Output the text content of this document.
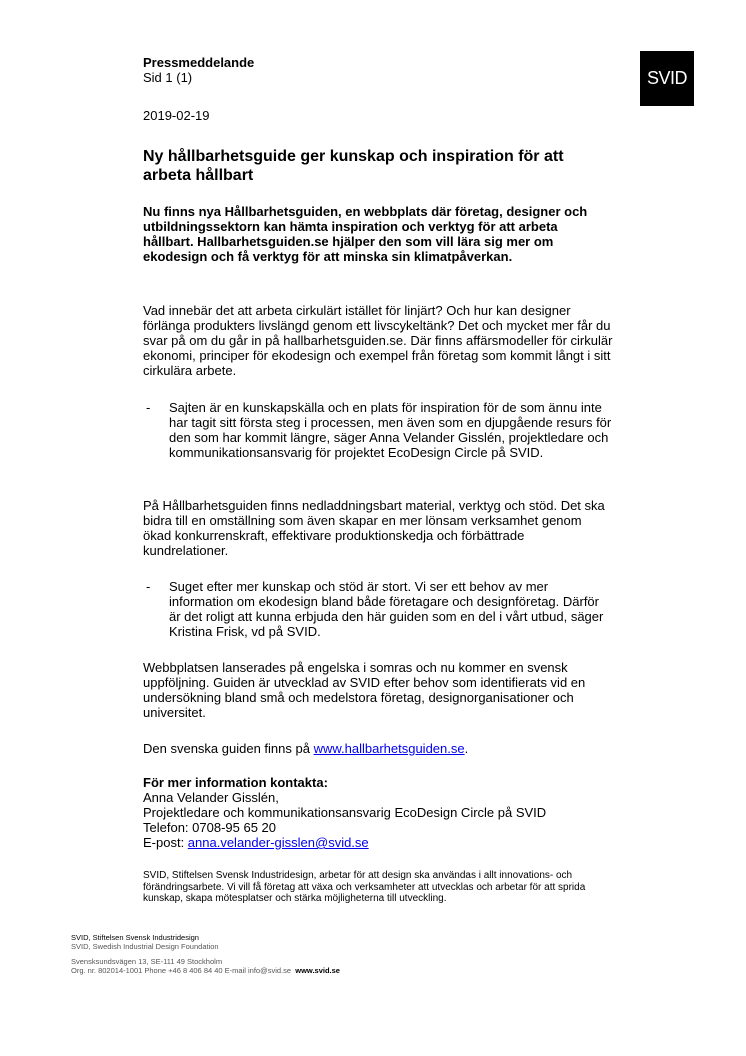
SVID
Pressmeddelande
Sid 1 (1)
2019-02-19
Ny hållbarhetsguide ger kunskap och inspiration för att arbeta hållbart

Nu finns nya Hållbarhetsguiden, en webbplats där företag, designer och utbildningssektorn kan hämta inspiration och verktyg för att arbeta hållbart. Hallbarhetsguiden.se hjälper den som vill lära sig mer om ekodesign och få verktyg för att minska sin klimatpåverkan.

Vad innebär det att arbeta cirkulärt istället för linjärt? Och hur kan designer förlänga produkters livslängd genom ett livscykeltänk? Det och mycket mer får du svar på om du går in på hallbarhetsguiden.se. Där finns affärsmodeller för cirkulär ekonomi, principer för ekodesign och exempel från företag som kommit långt i sitt cirkulära arbete.

- Sajten är en kunskapskälla och en plats för inspiration för de som ännu inte har tagit sitt första steg i processen, men även som en djupgående resurs för den som har kommit längre, säger Anna Velander Gisslén, projektledare och kommunikationsansvarig för projektet EcoDesign Circle på SVID.

På Hållbarhetsguiden finns nedladdningsbart material, verktyg och stöd. Det ska bidra till en omställning som även skapar en mer lönsam verksamhet genom ökad konkurrenskraft, effektivare produktionskedja och förbättrade kundrelationer.

- Suget efter mer kunskap och stöd är stort. Vi ser ett behov av mer information om ekodesign bland både företagare och designföretag. Därför är det roligt att kunna erbjuda den här guiden som en del i vårt utbud, säger Kristina Frisk, vd på SVID.

Webbplatsen lanserades på engelska i somras och nu kommer en svensk uppföljning. Guiden är utvecklad av SVID efter behov som identifierats vid en undersökning bland små och medelstora företag, designorganisationer och universitet.

Den svenska guiden finns på www.hallbarhetsguiden.se.

För mer information kontakta:
Anna Velander Gisslén,
Projektledare och kommunikationsansvarig EcoDesign Circle på SVID
Telefon: 0708-95 65 20
E-post: anna.velander-gisslen@svid.se

SVID, Stiftelsen Svensk Industridesign, arbetar för att design ska användas i allt innovations- och förändringsarbete. Vi vill få företag att växa och verksamheter att utvecklas och arbetar för att sprida kunskap, skapa mötesplatser och stärka möjligheterna till utveckling.

SVID, Stiftelsen Svensk Industridesign
SVID, Swedish Industrial Design Foundation
Svensksundsvägen 13, SE-111 49 Stockholm
Org. nr. 802014-1001 Phone +46 8 406 84 40 E-mail info@svid.se www.svid.se
